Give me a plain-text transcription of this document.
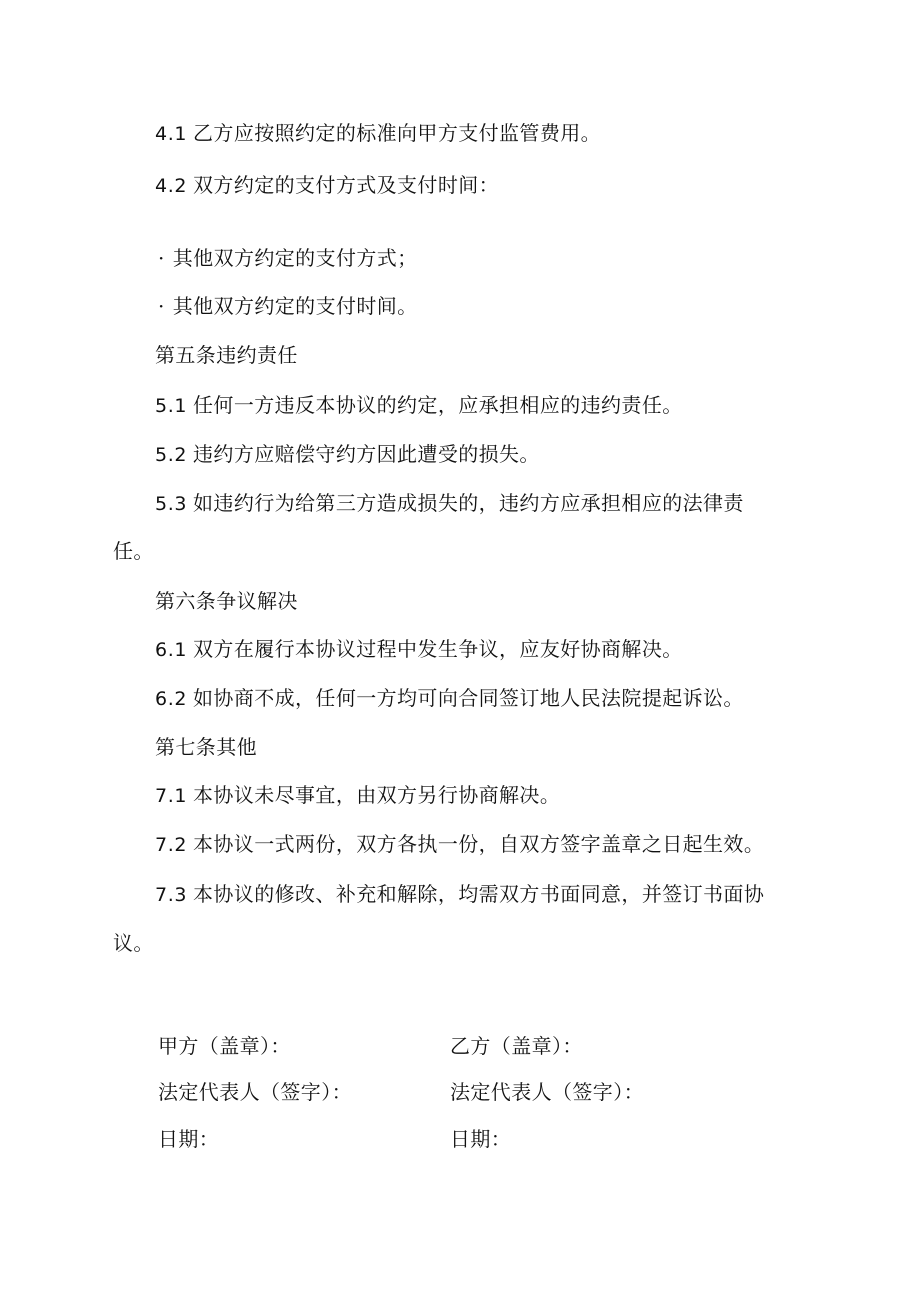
4.1 乙方应按照约定的标准向甲方支付监管费用。
4.2 双方约定的支付方式及支付时间：
· 其他双方约定的支付方式；
· 其他双方约定的支付时间。
第五条违约责任
5.1 任何一方违反本协议的约定，应承担相应的违约责任。
5.2 违约方应赔偿守约方因此遭受的损失。
5.3 如违约行为给第三方造成损失的，违约方应承担相应的法律责
任。
第六条争议解决
6.1 双方在履行本协议过程中发生争议，应友好协商解决。
6.2 如协商不成，任何一方均可向合同签订地人民法院提起诉讼。
第七条其他
7.1 本协议未尽事宜，由双方另行协商解决。
7.2 本协议一式两份，双方各执一份，自双方签字盖章之日起生效。
7.3 本协议的修改、补充和解除，均需双方书面同意，并签订书面协
议。
甲方（盖章）：	乙方（盖章）：
法定代表人（签字）：	法定代表人（签字）：
日期：	日期：
